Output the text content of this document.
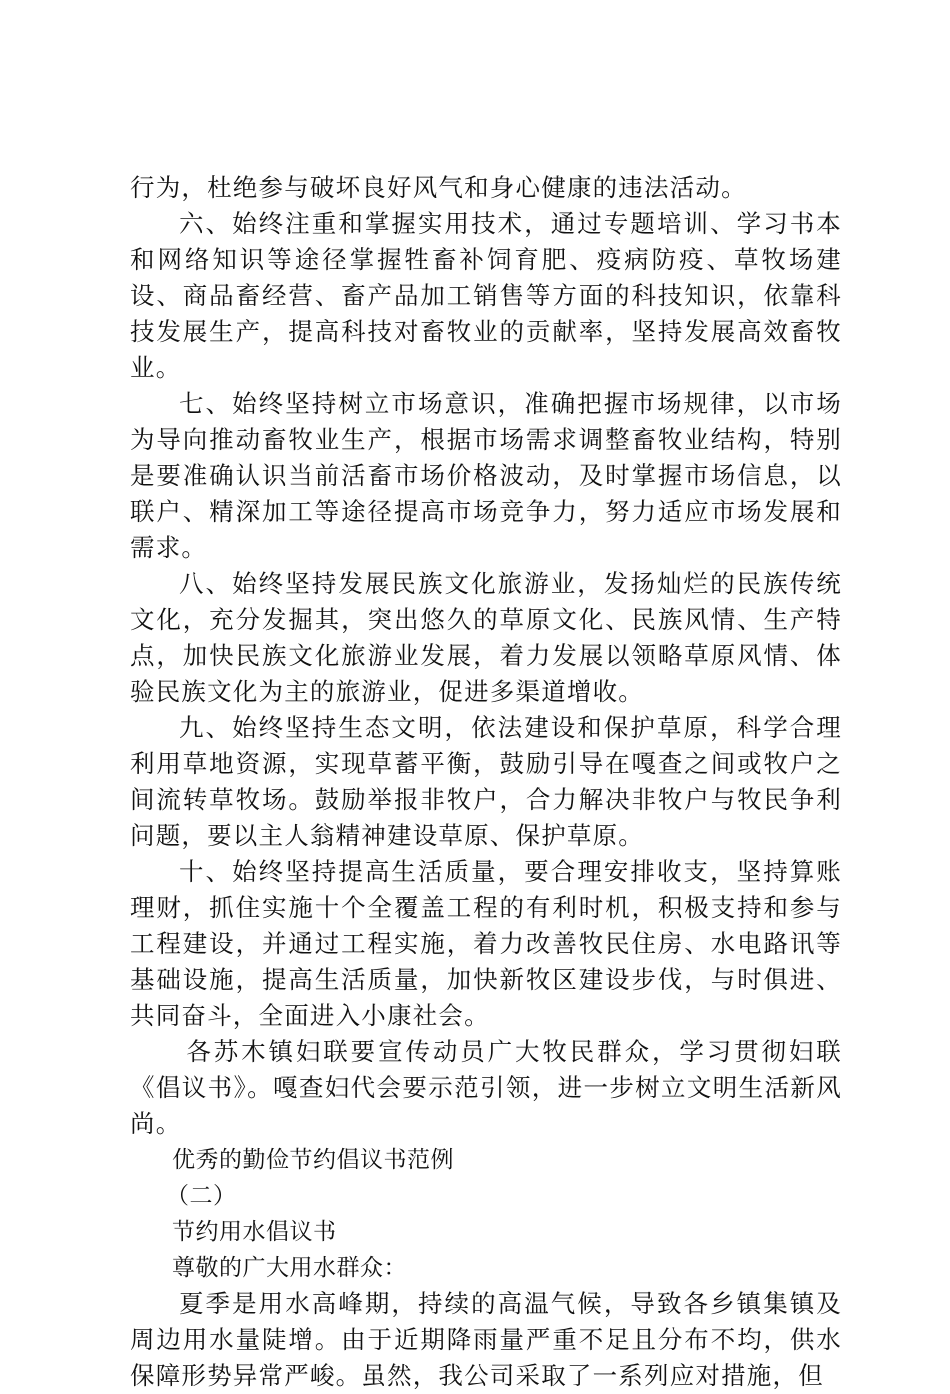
行为，杜绝参与破坏良好风气和身心健康的违法活动。

六、始终注重和掌握实用技术，通过专题培训、学习书本和网络知识等途径掌握牲畜补饲育肥、疫病防疫、草牧场建设、商品畜经营、畜产品加工销售等方面的科技知识，依靠科技发展生产，提高科技对畜牧业的贡献率，坚持发展高效畜牧业。

七、始终坚持树立市场意识，准确把握市场规律，以市场为导向推动畜牧业生产，根据市场需求调整畜牧业结构，特别是要准确认识当前活畜市场价格波动，及时掌握市场信息，以联户、精深加工等途径提高市场竞争力，努力适应市场发展和需求。

八、始终坚持发展民族文化旅游业，发扬灿烂的民族传统文化，充分发掘其，突出悠久的草原文化、民族风情、生产特点，加快民族文化旅游业发展，着力发展以领略草原风情、体验民族文化为主的旅游业，促进多渠道增收。

九、始终坚持生态文明，依法建设和保护草原，科学合理利用草地资源，实现草蓄平衡，鼓励引导在嘎查之间或牧户之间流转草牧场。鼓励举报非牧户，合力解决非牧户与牧民争利问题，要以主人翁精神建设草原、保护草原。

十、始终坚持提高生活质量，要合理安排收支，坚持算账理财，抓住实施十个全覆盖工程的有利时机，积极支持和参与工程建设，并通过工程实施，着力改善牧民住房、水电路讯等基础设施，提高生活质量，加快新牧区建设步伐，与时俱进、共同奋斗，全面进入小康社会。

各苏木镇妇联要宣传动员广大牧民群众，学习贯彻妇联《倡议书》。嘎查妇代会要示范引领，进一步树立文明生活新风尚。

优秀的勤俭节约倡议书范例

（二）

节约用水倡议书

尊敬的广大用水群众：

夏季是用水高峰期，持续的高温气候，导致各乡镇集镇及周边用水量陡增。由于近期降雨量严重不足且分布不均，供水保障形势异常严峻。虽然，我公司采取了一系列应对措施，但
